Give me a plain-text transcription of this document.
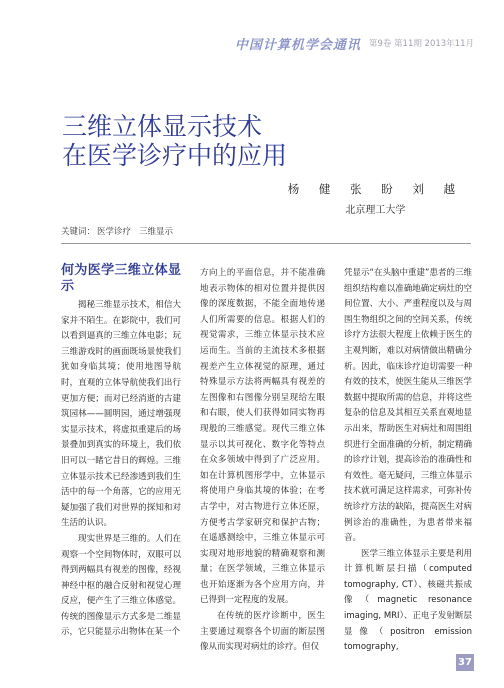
中国计算机学会通讯 第9卷 第11期 2013年11月
三维立体显示技术
在医学诊疗中的应用
杨 健 张 盼 刘 越
北京理工大学
关键词： 医学诊疗 三维显示
何为医学三维立体显示

揭秘三维显示技术，相信大家并不陌生。在影院中，我们可以看到逼真的三维立体电影；玩三维游戏时的画面既场景使我们犹如身临其境；使用地图导航时，直观的立体导航使我们出行更加方便；而对已经消逝的古建筑园林——圆明园，通过增强现实显示技术，将虚拟重建后的场景叠加到真实的环境上，我们依旧可以一睹它昔日的辉煌。三维立体显示技术已经渗透到我们生活中的每一个角落，它的应用无疑加强了我们对世界的探知和对生活的认识。

现实世界是三维的。人们在观察一个空间物体时，双眼可以得到两幅具有视差的图像，经视神经中枢的融合反射和视觉心理反应，便产生了三维立体感觉。传统的图像显示方式多是二维显示，它只能显示出物体在某一个

方向上的平面信息，并不能准确地表示物体的相对位置并提供因像的深度数据，不能全面地传递人们所需要的信息。根据人们的视觉需求，三维立体显示技术应运而生。当前的主流技术多根据视差产生立体视觉的原理，通过特殊显示方法将两幅具有视差的左图像和右图像分别呈现给左眼和右眼，使人们获得如同实物再现般的三维感觉。现代三维立体显示以其可视化、数字化等特点在众多领域中得到了广泛应用。如在计算机图形学中，立体显示将使用户身临其境的体验；在考古学中，对古物进行立体还原，方便考古学家研究和保护古物；在遥感测绘中，三维立体显示可实现对地形地貌的精确观察和测量；在医学领域，三维立体显示也开始逐渐为各个应用方向，并已得到一定程度的发展。

在传统的医疗诊断中，医生主要通过观察各个切面的断层图像从而实现对病灶的诊疗。但仅

凭显示“在头脑中重建”患者的三维组织结构难以准确地确定病灶的空间位置、大小、严重程度以及与周围生物组织之间的空间关系，传统诊疗方法很大程度上依赖于医生的主观判断，难以对病情做出精确分析。因此，临床诊疗迫切需要一种有效的技术，使医生能从三维医学数据中提取所需的信息，并将这些复杂的信息及其相互关系直观地显示出来，帮助医生对病灶和周围组织进行全面准确的分析，制定精确的诊疗计划，提高诊治的准确性和有效性。毫无疑问，三维立体显示技术就可满足这样需求，可弥补传统诊疗方法的缺陷，提高医生对病例诊治的准确性，为患者带来福音。

医学三维立体显示主要是利用计算机断层扫描（computed tomography, CT）、核磁共振成像（magnetic resonance imaging, MRI）、正电子发射断层显像（positron emission tomography,

37
